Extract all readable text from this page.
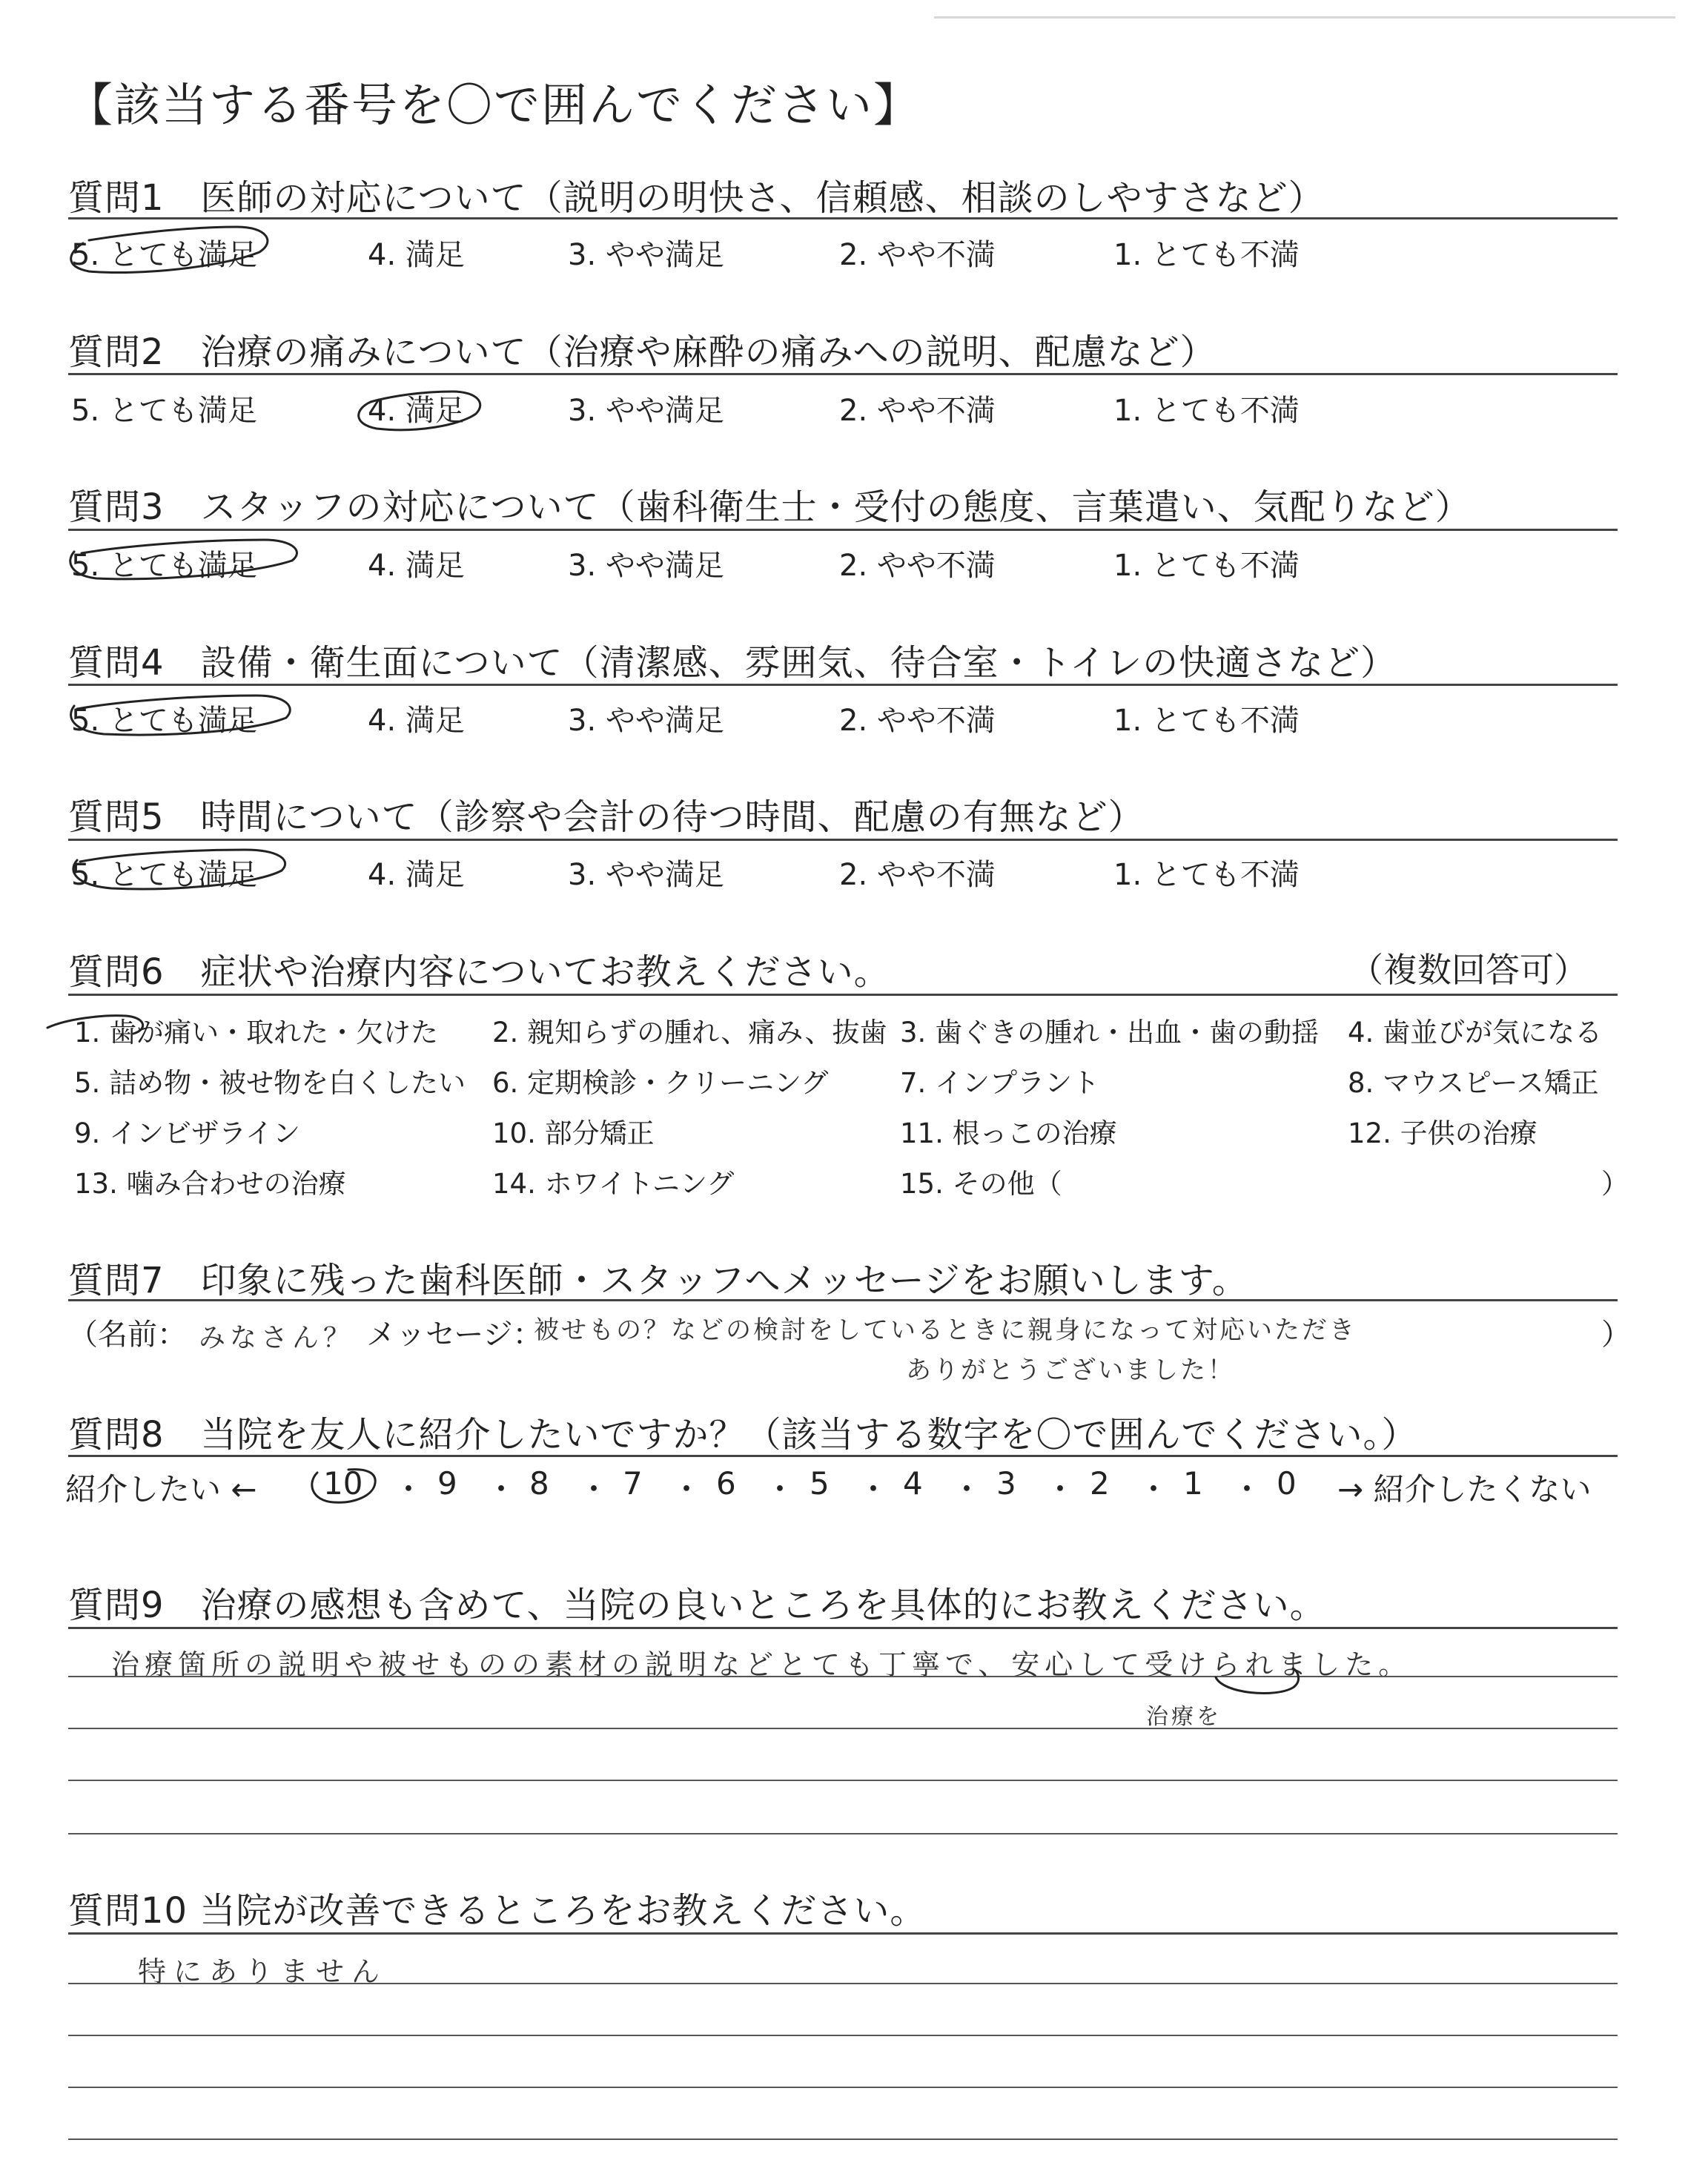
【該当する番号を〇で囲んでください】
質問1　医師の対応について（説明の明快さ、信頼感、相談のしやすさなど）
5. とても満足	4. 満足	3. やや満足	2. やや不満	1. とても不満
質問2　治療の痛みについて（治療や麻酔の痛みへの説明、配慮など）
5. とても満足	4. 満足	3. やや満足	2. やや不満	1. とても不満
質問3　スタッフの対応について（歯科衛生士・受付の態度、言葉遣い、気配りなど）
5. とても満足	4. 満足	3. やや満足	2. やや不満	1. とても不満
質問4　設備・衛生面について（清潔感、雰囲気、待合室・トイレの快適さなど）
5. とても満足	4. 満足	3. やや満足	2. やや不満	1. とても不満
質問5　時間について（診察や会計の待つ時間、配慮の有無など）
5. とても満足	4. 満足	3. やや満足	2. やや不満	1. とても不満
質問6　症状や治療内容についてお教えください。	（複数回答可）
1. 歯が痛い・取れた・欠けた 2. 親知らずの腫れ、痛み、抜歯 3. 歯ぐきの腫れ・出血・歯の動揺 4. 歯並びが気になる
5. 詰め物・被せ物を白くしたい 6. 定期検診・クリーニング	7. インプラント	8. マウスピース矯正
9. インビザライン	10. 部分矯正	11. 根っこの治療	12. 子供の治療
13. 噛み合わせの治療	14. ホワイトニング	15. その他（	）
質問7　印象に残った歯科医師・スタッフへメッセージをお願いします。
（名前： みなさん？ メッセージ：
被せもの？などの検討をしているときに親身になって対応いただき
ありがとうございました！
）
質問8　当院を友人に紹介したいですか？（該当する数字を〇で囲んでください。）
紹介したい ← 10 ・ 9 ・ 8 ・ 7 ・ 6 ・ 5 ・ 4 ・ 3 ・ 2 ・ 1 ・ 0 → 紹介したくない
質問9　治療の感想も含めて、当院の良いところを具体的にお教えください。
治療箇所の説明や被せものの素材の説明などとても丁寧で、安心して受けられました。
治療を
質問10 当院が改善できるところをお教えください。
特にありません
